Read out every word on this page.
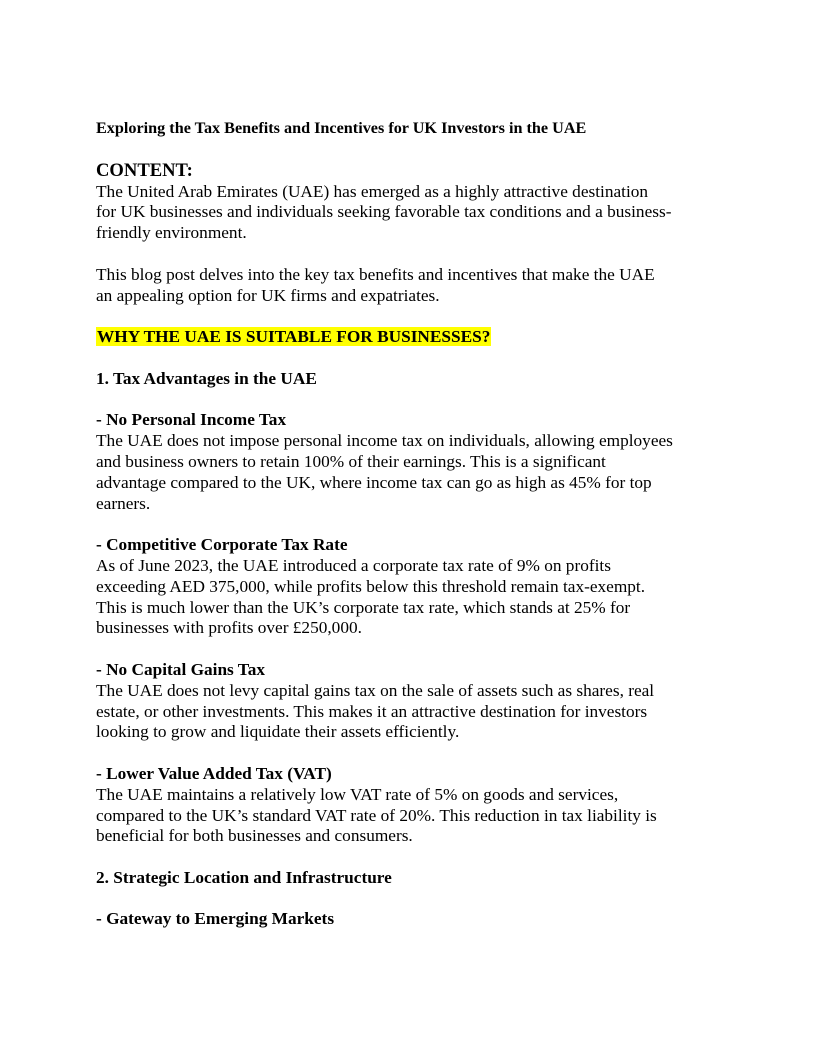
Exploring the Tax Benefits and Incentives for UK Investors in the UAE
CONTENT:

The United Arab Emirates (UAE) has emerged as a highly attractive destination
for UK businesses and individuals seeking favorable tax conditions and a business-
friendly environment.

This blog post delves into the key tax benefits and incentives that make the UAE
an appealing option for UK firms and expatriates.

WHY THE UAE IS SUITABLE FOR BUSINESSES?
1. Tax Advantages in the UAE
- No Personal Income Tax

The UAE does not impose personal income tax on individuals, allowing employees
and business owners to retain 100% of their earnings. This is a significant
advantage compared to the UK, where income tax can go as high as 45% for top
earners.

- Competitive Corporate Tax Rate

As of June 2023, the UAE introduced a corporate tax rate of 9% on profits
exceeding AED 375,000, while profits below this threshold remain tax-exempt.
This is much lower than the UK’s corporate tax rate, which stands at 25% for
businesses with profits over £250,000.

- No Capital Gains Tax

The UAE does not levy capital gains tax on the sale of assets such as shares, real
estate, or other investments. This makes it an attractive destination for investors
looking to grow and liquidate their assets efficiently.

- Lower Value Added Tax (VAT)

The UAE maintains a relatively low VAT rate of 5% on goods and services,
compared to the UK’s standard VAT rate of 20%. This reduction in tax liability is
beneficial for both businesses and consumers.

2. Strategic Location and Infrastructure
- Gateway to Emerging Markets
